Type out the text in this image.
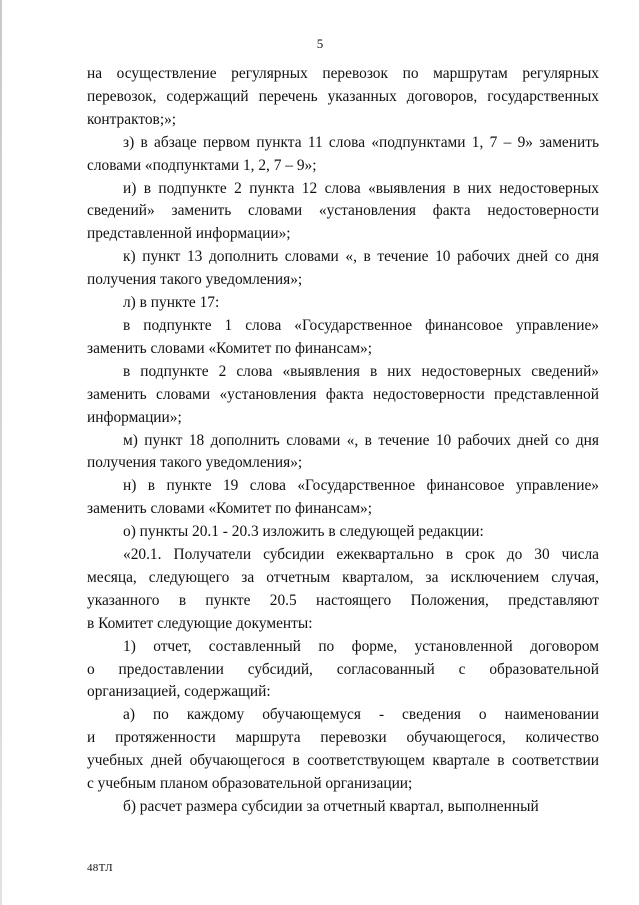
5

на осуществление регулярных перевозок по маршрутам регулярных

перевозок, содержащий перечень указанных договоров, государственных

контрактов;»;

з) в абзаце первом пункта 11 слова «подпунктами 1, 7 – 9» заменить

словами «подпунктами 1, 2, 7 – 9»;

и) в подпункте 2 пункта 12 слова «выявления в них недостоверных

сведений» заменить словами «установления факта недостоверности

представленной информации»;

к) пункт 13 дополнить словами «, в течение 10 рабочих дней со дня

получения такого уведомления»;

л) в пункте 17:

в подпункте 1 слова «Государственное финансовое управление»

заменить словами «Комитет по финансам»;

в подпункте 2 слова «выявления в них недостоверных сведений»

заменить словами «установления факта недостоверности представленной

информации»;

м) пункт 18 дополнить словами «, в течение 10 рабочих дней со дня

получения такого уведомления»;

н) в пункте 19 слова «Государственное финансовое управление»

заменить словами «Комитет по финансам»;

о) пункты 20.1 - 20.3 изложить в следующей редакции:

«20.1. Получатели субсидии ежеквартально в срок до 30 числа

месяца, следующего за отчетным кварталом, за исключением случая,

указанного в пункте 20.5 настоящего Положения, представляют

в Комитет следующие документы:

1) отчет, составленный по форме, установленной договором

о предоставлении субсидий, согласованный с образовательной

организацией, содержащий:

а) по каждому обучающемуся - сведения о наименовании

и протяженности маршрута перевозки обучающегося, количество

учебных дней обучающегося в соответствующем квартале в соответствии

с учебным планом образовательной организации;

б) расчет размера субсидии за отчетный квартал, выполненный

48ТЛ
